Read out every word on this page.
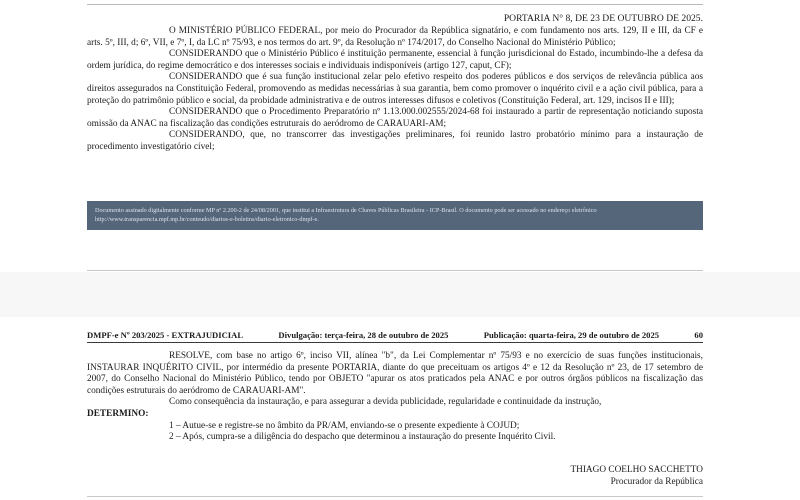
PORTARIA N° 8, DE 23 DE OUTUBRO DE 2025.

O MINISTÉRIO PÚBLICO FEDERAL, por meio do Procurador da República signatário, e com fundamento nos arts. 129, II e III, da CF e arts. 5º, III, d; 6º, VII, e 7º, I, da LC nº 75/93, e nos termos do art. 9º, da Resolução nº 174/2017, do Conselho Nacional do Ministério Público;

CONSIDERANDO que o Ministério Público é instituição permanente, essencial à função jurisdicional do Estado, incumbindo-lhe a defesa da ordem jurídica, do regime democrático e dos interesses sociais e individuais indisponíveis (artigo 127, caput, CF);

CONSIDERANDO que é sua função institucional zelar pelo efetivo respeito dos poderes públicos e dos serviços de relevância pública aos direitos assegurados na Constituição Federal, promovendo as medidas necessárias à sua garantia, bem como promover o inquérito civil e a ação civil pública, para a proteção do patrimônio público e social, da probidade administrativa e de outros interesses difusos e coletivos (Constituição Federal, art. 129, incisos II e III);

CONSIDERANDO que o Procedimento Preparatório nº 1.13.000.002555/2024-68 foi instaurado a partir de representação noticiando suposta omissão da ANAC na fiscalização das condições estruturais do aeródromo de CARAUARI-AM;

CONSIDERANDO, que, no transcorrer das investigações preliminares, foi reunido lastro probatório mínimo para a instauração de procedimento investigatório cível;

Documento assinado digitalmente conforme MP nº 2.200-2 de 24/08/2001, que institui a Infraestrutura de Chaves Públicas Brasileira - ICP-Brasil. O documento pode ser acessado no endereço eletrônico http://www.transparencia.mpf.mp.br/conteudo/diarios-e-boletins/diario-eletronico-dmpf-e.
DMPF-e Nº 203/2025 - EXTRAJUDICIAL	Divulgação: terça-feira, 28 de outubro de 2025	Publicação: quarta-feira, 29 de outubro de 2025	60

RESOLVE, com base no artigo 6º, inciso VII, alínea "b", da Lei Complementar nº 75/93 e no exercício de suas funções institucionais, INSTAURAR INQUÉRITO CIVIL, por intermédio da presente PORTARIA, diante do que preceituam os artigos 4º e 12 da Resolução nº 23, de 17 setembro de 2007, do Conselho Nacional do Ministério Público, tendo por OBJETO "apurar os atos praticados pela ANAC e por outros órgãos públicos na fiscalização das condições estruturais do aeródromo de CARAUARI-AM".

Como consequência da instauração, e para assegurar a devida publicidade, regularidade e continuidade da instrução,

DETERMINO:

1 – Autue-se e registre-se no âmbito da PR/AM, enviando-se o presente expediente à COJUD;

2 – Após, cumpra-se a diligência do despacho que determinou a instauração do presente Inquérito Civil.

THIAGO COELHO SACCHETTO
Procurador da República
